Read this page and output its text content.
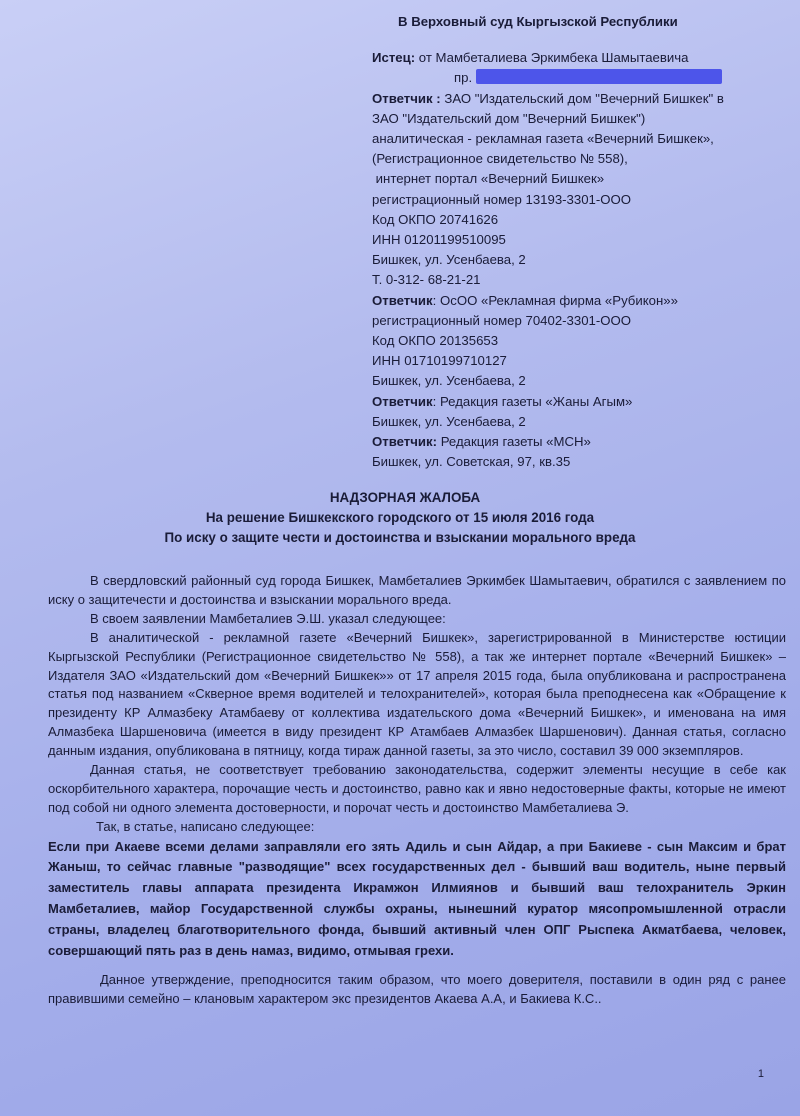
В Верховный суд Кыргызской Республики
Истец: от Мамбеталиева Эркимбека Шамытаевича
пр.
Ответчик : ЗАО "Издательский дом "Вечерний Бишкек" в
ЗАО "Издательский дом "Вечерний Бишкек")
аналитическая - рекламная газета «Вечерний Бишкек»,
(Регистрационное свидетельство № 558),
интернет портал «Вечерний Бишкек»
регистрационный номер 13193-3301-ООО
Код ОКПО 20741626
ИНН 01201199510095
Бишкек, ул. Усенбаева, 2
Т. 0-312- 68-21-21
Ответчик: ОсОО «Рекламная фирма «Рубикон»»
регистрационный номер 70402-3301-ООО
Код ОКПО 20135653
ИНН 01710199710127
Бишкек, ул. Усенбаева, 2
Ответчик: Редакция газеты «Жаны Агым»
Бишкек, ул. Усенбаева, 2
Ответчик: Редакция газеты «МСН»
Бишкек, ул. Советская, 97, кв.35
НАДЗОРНАЯ ЖАЛОБА
На решение Бишкекского городского от 15 июля 2016 года
По иску о защите чести и достоинства и взыскании морального вреда

В свердловский районный суд города Бишкек, Мамбеталиев Эркимбек Шамытаевич, обратился с заявлением по иску о защитечести и достоинства и взыскании морального вреда.

В своем заявлении Мамбеталиев Э.Ш. указал следующее:

В аналитической - рекламной газете «Вечерний Бишкек», зарегистрированной в Министерстве юстиции Кыргызской Республики (Регистрационное свидетельство № 558), а так же интернет портале «Вечерний Бишкек» – Издателя ЗАО «Издательский дом «Вечерний Бишкек»» от 17 апреля 2015 года, была опубликована и распространена статья под названием «Скверное время водителей и телохранителей», которая была преподнесена как «Обращение к президенту КР Алмазбеку Атамбаеву от коллектива издательского дома «Вечерний Бишкек», и именована на имя Алмазбека Шаршеновича (имеется в виду президент КР Атамбаев Алмазбек Шаршенович). Данная статья, согласно данным издания, опубликована в пятницу, когда тираж данной газеты, за это число, составил 39 000 экземпляров.

Данная статья, не соответствует требованию законодательства, содержит элементы несущие в себе как оскорбительного характера, порочащие честь и достоинство, равно как и явно недостоверные факты, которые не имеют под собой ни одного элемента достоверности, и порочат честь и достоинство Мамбеталиева Э.

Так, в статье, написано следующее:

Если при Акаеве всеми делами заправляли его зять Адиль и сын Айдар, а при Бакиеве - сын Максим и брат Жаныш, то сейчас главные "разводящие" всех государственных дел - бывший ваш водитель, ныне первый заместитель главы аппарата президента Икрамжон Илмиянов и бывший ваш телохранитель Эркин Мамбеталиев, майор Государственной службы охраны, нынешний куратор мясопромышленной отрасли страны, владелец благотворительного фонда, бывший активный член ОПГ Рыспека Акматбаева, человек, совершающий пять раз в день намаз, видимо, отмывая грехи.

Данное утверждение, преподносится таким образом, что моего доверителя, поставили в один ряд с ранее правившими семейно – клановым характером экс президентов Акаева А.А, и Бакиева К.С..

1
